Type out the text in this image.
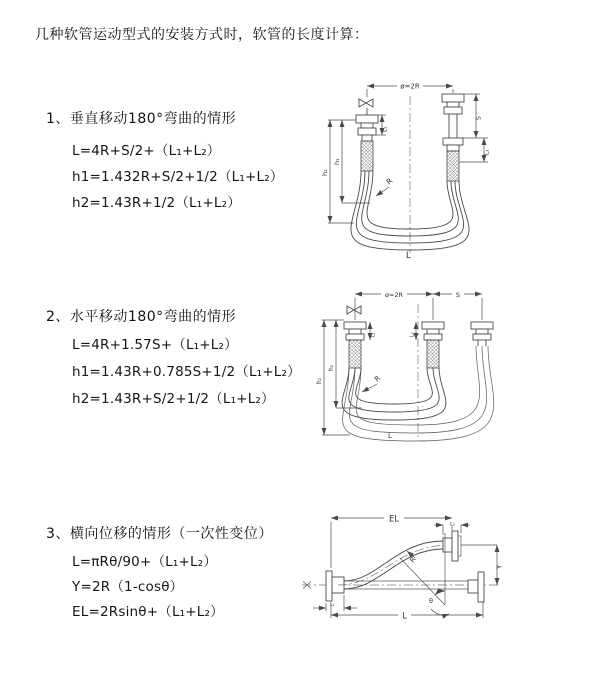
几种软管运动型式的安装方式时，软管的长度计算：
1、垂直移动180°弯曲的情形
L=4R+S/2+（L₁+L₂）
h1=1.432R+S/2+1/2（L₁+L₂）
h2=1.43R+1/2（L₁+L₂）
ø=2R
h₂
h₁
L₁
S
L₂
R
L
2、水平移动180°弯曲的情形
L=4R+1.57S+（L₁+L₂）
h1=1.43R+0.785S+1/2（L₁+L₂）
h2=1.43R+S/2+1/2（L₁+L₂）
ø=2R	S
h₂
h₁
L₁	L₂
R
L
3、横向位移的情形（一次性变位）
L=πRθ/90+（L₁+L₂）
Y=2R（1-cosθ）
EL=2Rsinθ+（L₁+L₂）
EL	L₂
Y
θ
R
L₁
L
